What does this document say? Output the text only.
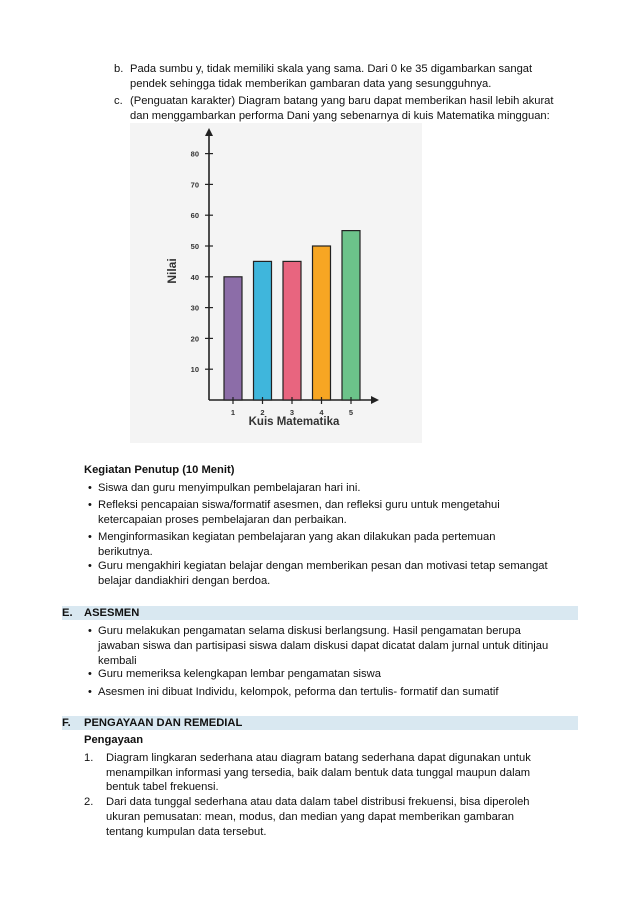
b. Pada sumbu y, tidak memiliki skala yang sama. Dari 0 ke 35 digambarkan sangat
pendek sehingga tidak memberikan gambaran data yang sesungguhnya.
c. (Penguatan karakter) Diagram batang yang baru dapat memberikan hasil lebih akurat
dan menggambarkan performa Dani yang sebenarnya di kuis Matematika mingguan:
1	2	3	4	5
10
20
30
40
50
60
70
80
Nilai
Kuis Matematika
Kegiatan Penutup (10 Menit)
• Siswa dan guru menyimpulkan pembelajaran hari ini.
• Refleksi pencapaian siswa/formatif asesmen, dan refleksi guru untuk mengetahui
ketercapaian proses pembelajaran dan perbaikan.
• Menginformasikan kegiatan pembelajaran yang akan dilakukan pada pertemuan
berikutnya.
• Guru mengakhiri kegiatan belajar dengan memberikan pesan dan motivasi tetap semangat
belajar dandiakhiri dengan berdoa.
E. ASESMEN
• Guru melakukan pengamatan selama diskusi berlangsung. Hasil pengamatan berupa
jawaban siswa dan partisipasi siswa dalam diskusi dapat dicatat dalam jurnal untuk ditinjau
kembali
• Guru memeriksa kelengkapan lembar pengamatan siswa
• Asesmen ini dibuat Individu, kelompok, peforma dan tertulis- formatif dan sumatif
F. PENGAYAAN DAN REMEDIAL
Pengayaan
1. Diagram lingkaran sederhana atau diagram batang sederhana dapat digunakan untuk
menampilkan informasi yang tersedia, baik dalam bentuk data tunggal maupun dalam
bentuk tabel frekuensi.
2. Dari data tunggal sederhana atau data dalam tabel distribusi frekuensi, bisa diperoleh
ukuran pemusatan: mean, modus, dan median yang dapat memberikan gambaran
tentang kumpulan data tersebut.
